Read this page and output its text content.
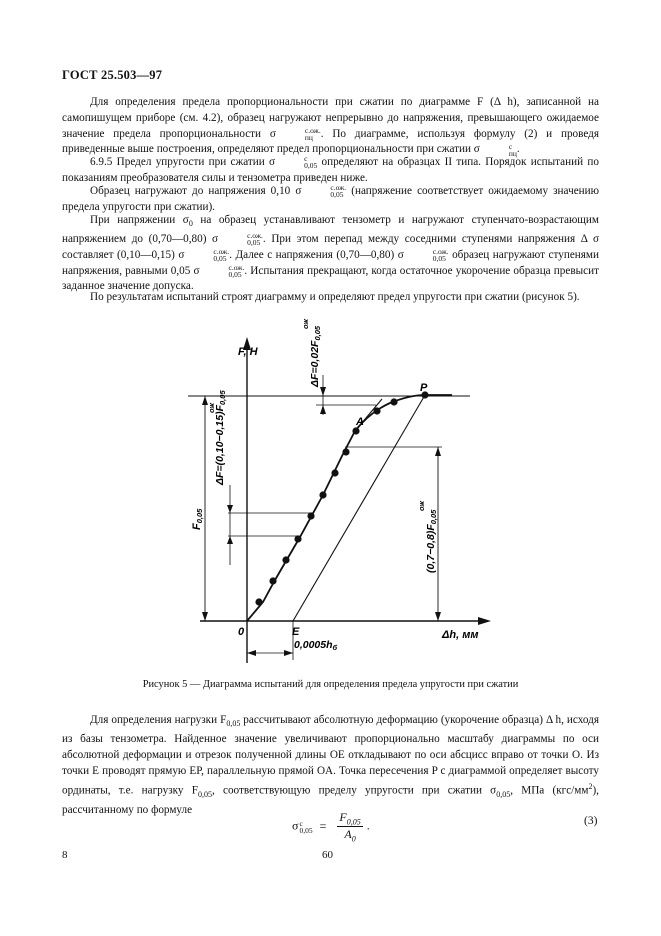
ГОСТ 25.503—97

Для определения предела пропорциональности при сжатии по диаграмме F (Δ h), записанной на самопишущем приборе (см. 4.2), образец нагружают непрерывно до напряжения, превышающего ожидаемое значение предела пропорциональности σ	с.ож.
пц . По диаграмме, используя формулу (2) и проведя приведенные выше построения, определяют предел пропорциональности при сжатии σ	с
пц .

6.9.5 Предел упругости при сжатии σ	с
0,05 определяют на образцах II типа. Порядок испытаний по показаниям преобразователя силы и тензометра приведен ниже.

Образец нагружают до напряжения 0,10 σ	с.ож.
0,05 (напряжение соответствует ожидаемому значению предела упругости при сжатии).

При напряжении $\sigma_0$ на образец устанавливают тензометр и нагружают ступенчато-возрастающим напряжением до (0,70—0,80) σ	с.ож.
0,05 . При этом перепад между соседними ступенями напряжения Δ σ составляет (0,10—0,15) σ	с.ож.
0,05 . Далее с напряжения (0,70—0,80) σ	с.ож.
0,05 образец нагружают ступенями напряжения, равными 0,05 σ	с.ож.
0,05 . Испытания прекращают, когда остаточное укорочение образца превысит заданное значение допуска.

По результатам испытаний строят диаграмму и определяют предел упругости при сжатии (рисунок 5).

F, H
Δh, мм
0	E
A
P
0,0005hб
F0,05
ΔF=0,02F0,05
ож
ΔF=(0,10−0,15)F0,05
ож
(0,7−0,8)F0,05
ож
Рисунок 5 — Диаграмма испытаний для определения предела упругости при сжатии

Для определения нагрузки $F_{0,05}$ рассчитывают абсолютную деформацию (укорочение образца) Δ h, исходя из базы тензометра. Найденное значение увеличивают пропорционально масштабу диаграммы по оси абсолютной деформации и отрезок полученной длины OE откладывают по оси абсцисс вправо от точки O. Из точки E проводят прямую EP, параллельную прямой OA. Точка пересечения P с диаграммой определяет высоту ординаты, т.е. нагрузку $F_{0,05}$, соответствующую пределу упругости при сжатии $\sigma_{0,05}$, МПа $(кгс/мм^2)$, рассчитанному по формуле

σ с
$0,05 = \frac{F_{0,05}}{A_0}$ .	(3)
8	60
